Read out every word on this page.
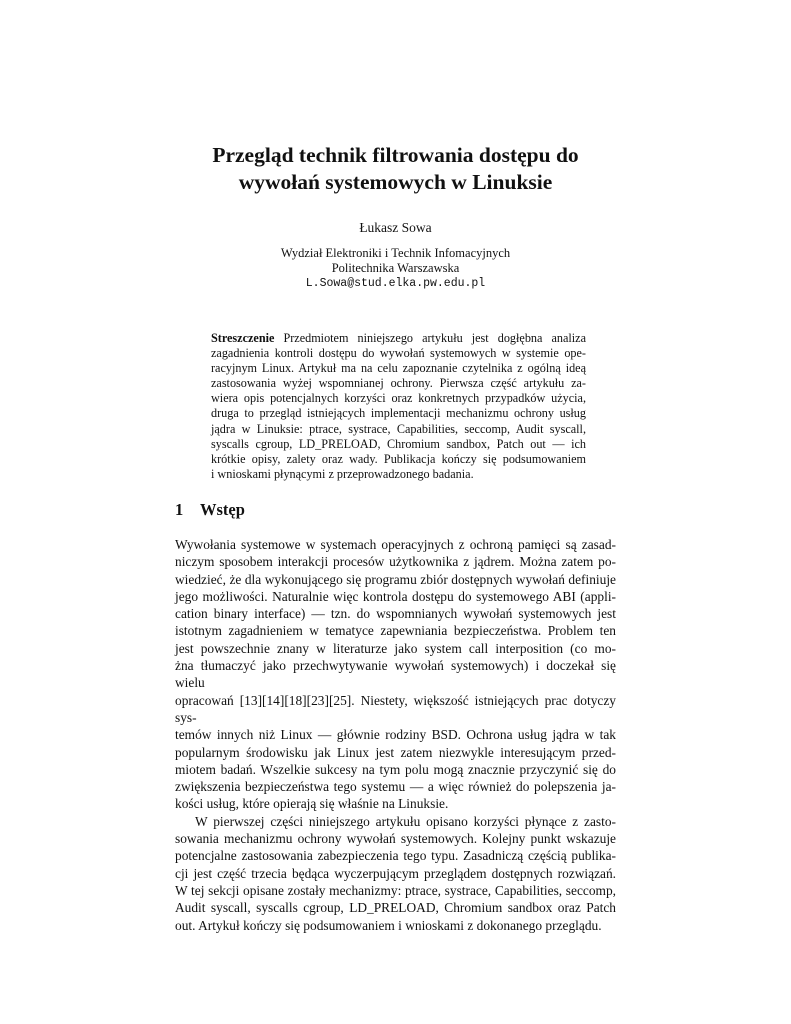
Przegląd technik filtrowania dostępu do
wywołań systemowych w Linuksie
Łukasz Sowa
Wydział Elektroniki i Technik Infomacyjnych
Politechnika Warszawska
L.Sowa@stud.elka.pw.edu.pl
Streszczenie Przedmiotem niniejszego artykułu jest dogłębna analiza
zagadnienia kontroli dostępu do wywołań systemowych w systemie ope-
racyjnym Linux. Artykuł ma na celu zapoznanie czytelnika z ogólną ideą
zastosowania wyżej wspomnianej ochrony. Pierwsza część artykułu za-
wiera opis potencjalnych korzyści oraz konkretnych przypadków użycia,
druga to przegląd istniejących implementacji mechanizmu ochrony usług
jądra w Linuksie: ptrace, systrace, Capabilities, seccomp, Audit syscall,
syscalls cgroup, LD_PRELOAD, Chromium sandbox, Patch out — ich
krótkie opisy, zalety oraz wady. Publikacja kończy się podsumowaniem
i wnioskami płynącymi z przeprowadzonego badania.
1 Wstęp

Wywołania systemowe w systemach operacyjnych z ochroną pamięci są zasad-
niczym sposobem interakcji procesów użytkownika z jądrem. Można zatem po-
wiedzieć, że dla wykonującego się programu zbiór dostępnych wywołań definiuje
jego możliwości. Naturalnie więc kontrola dostępu do systemowego ABI (appli-
cation binary interface) — tzn. do wspomnianych wywołań systemowych jest
istotnym zagadnieniem w tematyce zapewniania bezpieczeństwa. Problem ten
jest powszechnie znany w literaturze jako system call interposition (co mo-
żna tłumaczyć jako przechwytywanie wywołań systemowych) i doczekał się wielu
opracowań [13][14][18][23][25]. Niestety, większość istniejących prac dotyczy sys-
temów innych niż Linux — głównie rodziny BSD. Ochrona usług jądra w tak
popularnym środowisku jak Linux jest zatem niezwykle interesującym przed-
miotem badań. Wszelkie sukcesy na tym polu mogą znacznie przyczynić się do
zwiększenia bezpieczeństwa tego systemu — a więc również do polepszenia ja-
kości usług, które opierają się właśnie na Linuksie.

W pierwszej części niniejszego artykułu opisano korzyści płynące z zasto-
sowania mechanizmu ochrony wywołań systemowych. Kolejny punkt wskazuje
potencjalne zastosowania zabezpieczenia tego typu. Zasadniczą częścią publika-
cji jest część trzecia będąca wyczerpującym przeglądem dostępnych rozwiązań.
W tej sekcji opisane zostały mechanizmy: ptrace, systrace, Capabilities, seccomp,
Audit syscall, syscalls cgroup, LD_PRELOAD, Chromium sandbox oraz Patch
out. Artykuł kończy się podsumowaniem i wnioskami z dokonanego przeglądu.
